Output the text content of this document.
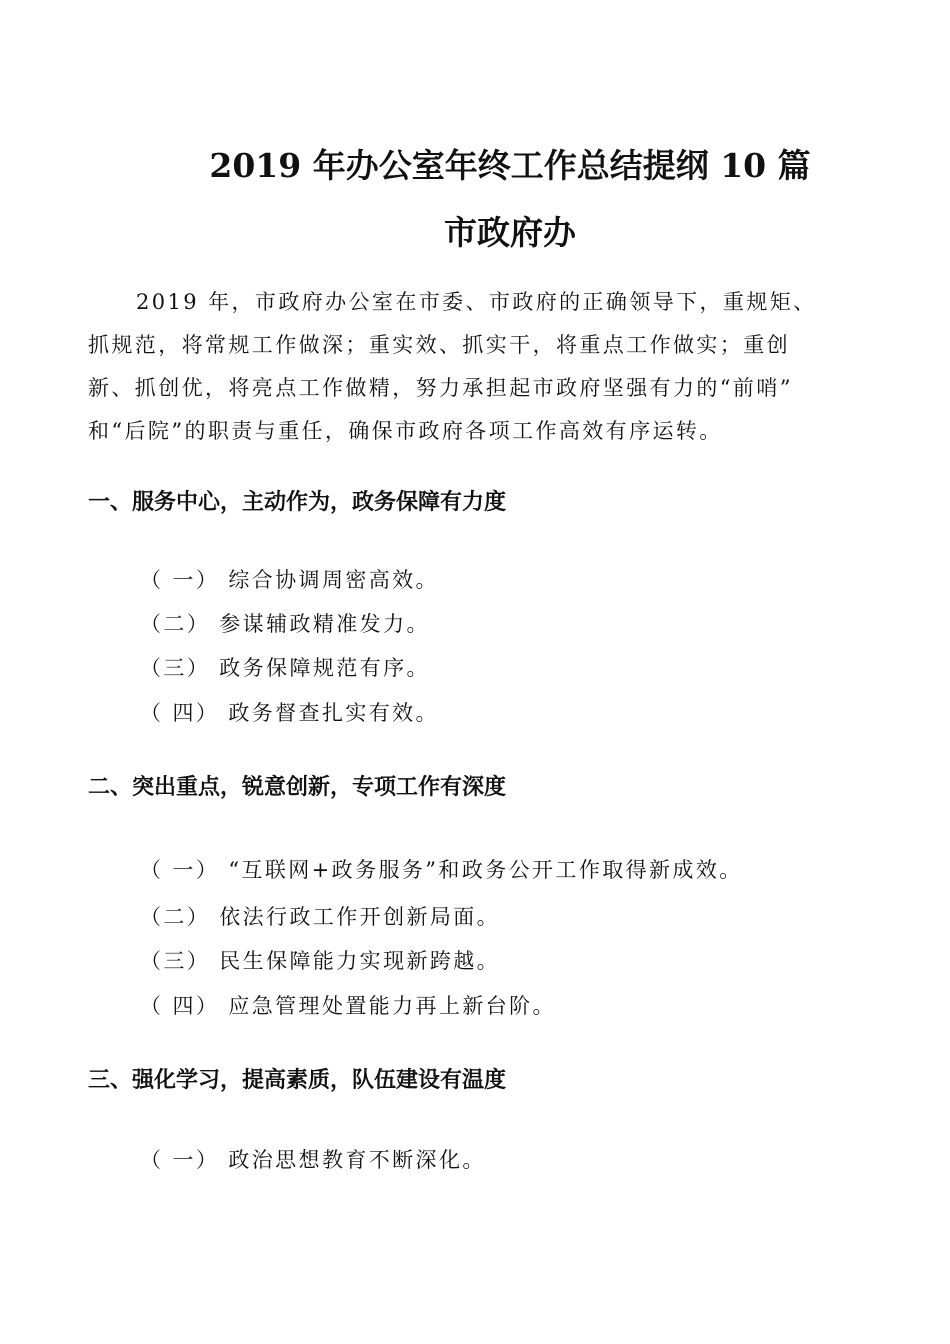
2019 年办公室年终工作总结提纲 10 篇
市政府办

2019 年，市政府办公室在市委、市政府的正确领导下，重规矩、
抓规范，将常规工作做深；重实效、抓实干，将重点工作做实；重创
新、抓创优，将亮点工作做精，努力承担起市政府坚强有力的“前哨”
和“后院”的职责与重任，确保市政府各项工作高效有序运转。

一、服务中心，主动作为，政务保障有力度
（ 一） 综合协调周密高效。
（二） 参谋辅政精准发力。
（三） 政务保障规范有序。
（ 四） 政务督查扎实有效。
二、突出重点，锐意创新，专项工作有深度
（ 一） “互联网+政务服务”和政务公开工作取得新成效。
（二） 依法行政工作开创新局面。
（三） 民生保障能力实现新跨越。
（ 四） 应急管理处置能力再上新台阶。
三、强化学习，提高素质，队伍建设有温度
（ 一） 政治思想教育不断深化。
